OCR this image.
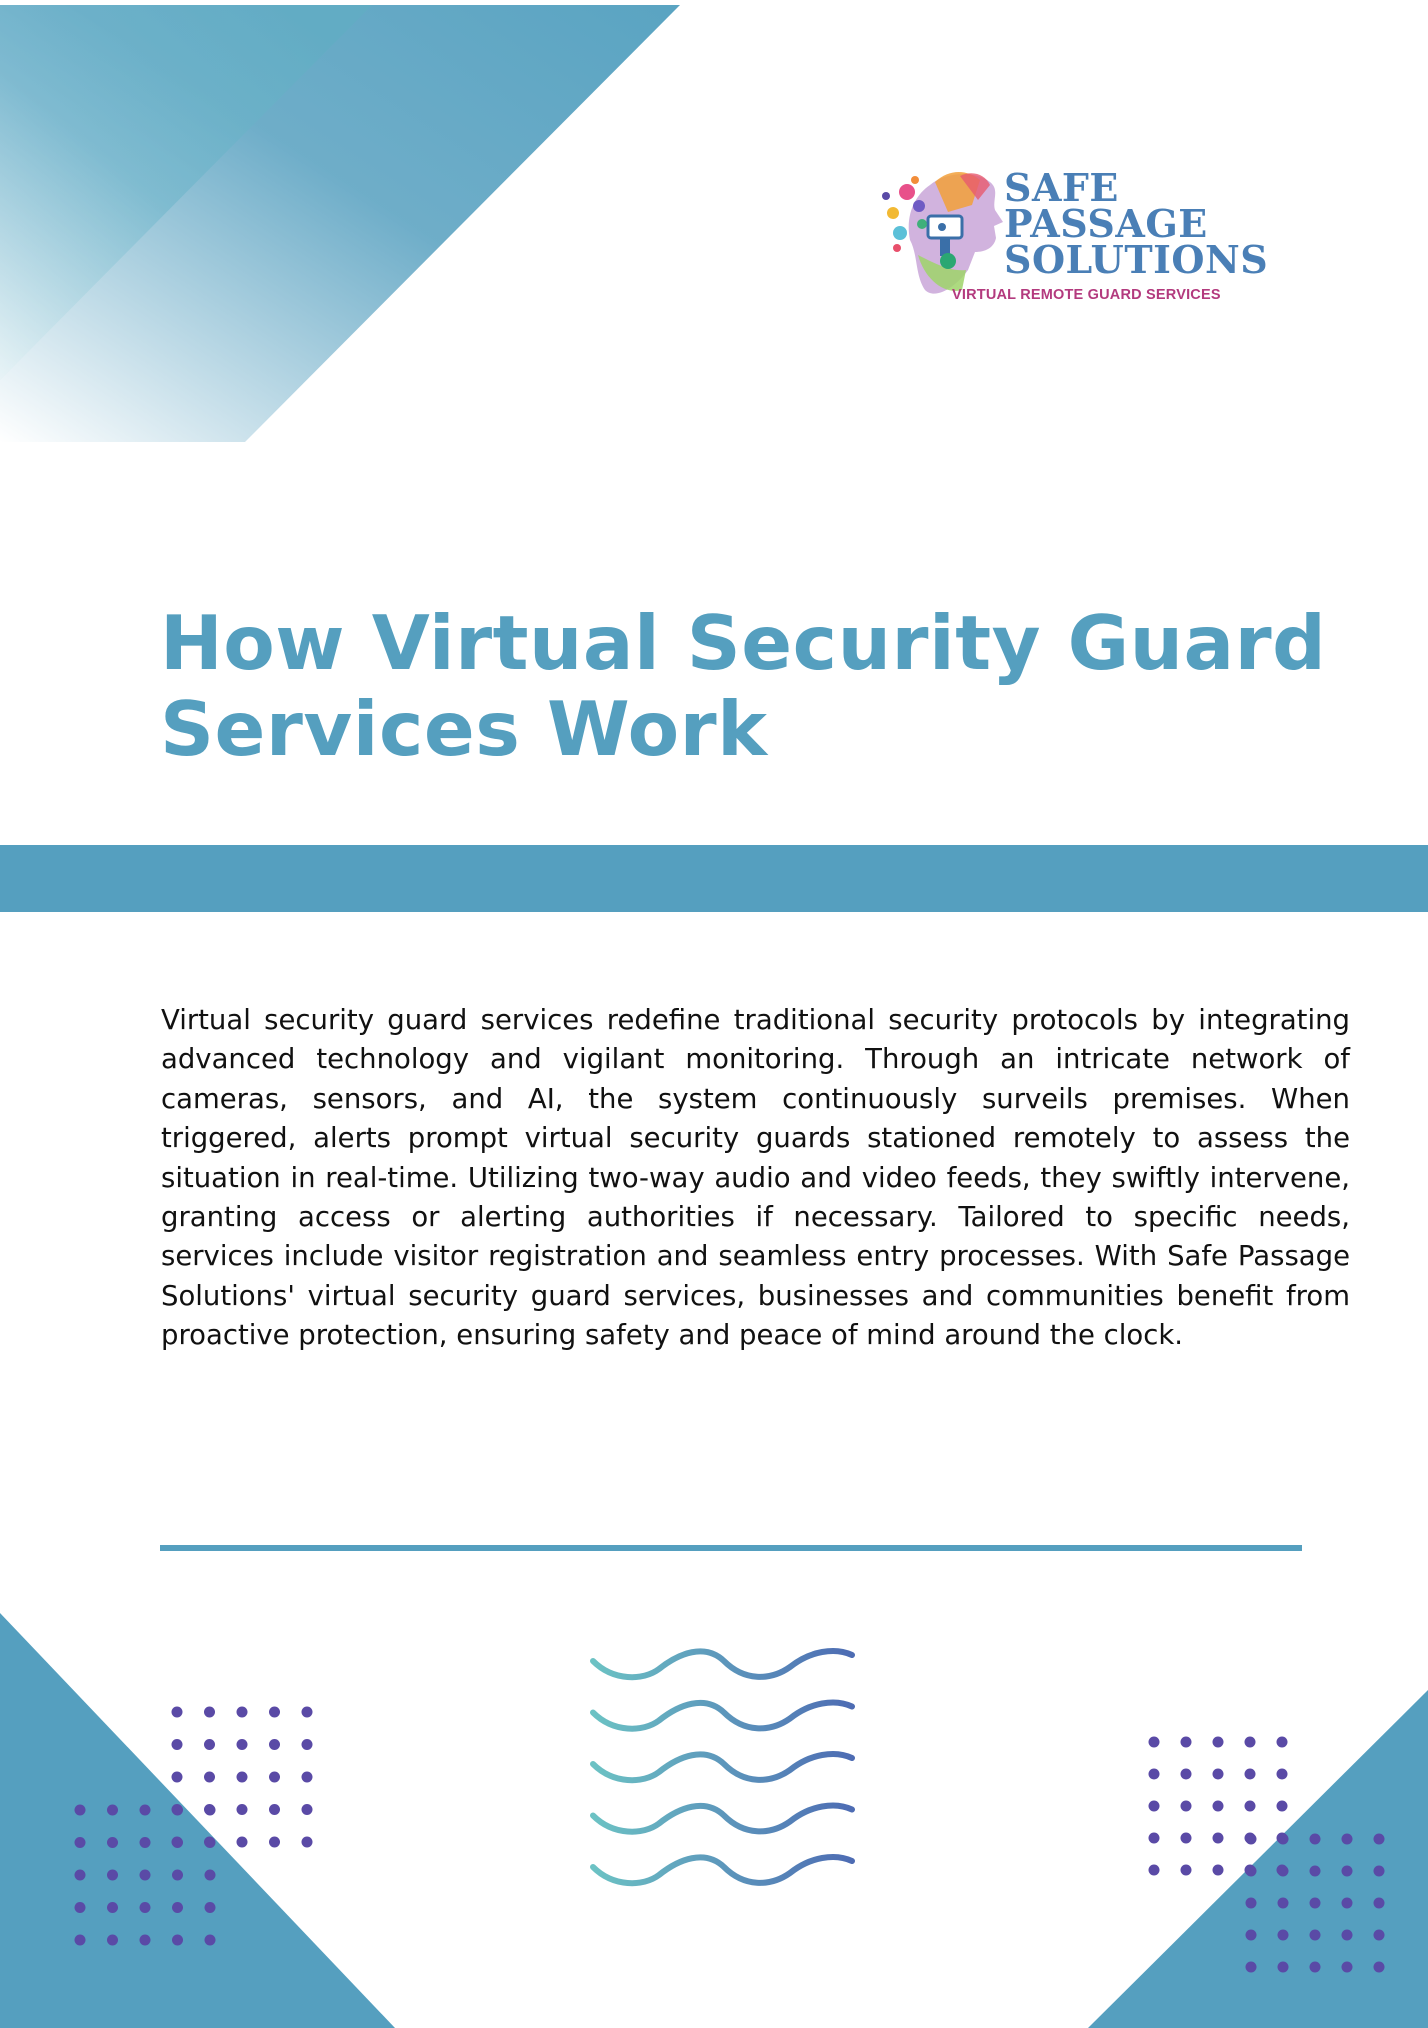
SAFE
PASSAGE
SOLUTIONS
VIRTUAL REMOTE GUARD SERVICES
How Virtual Security Guard
Services Work

Virtual security guard services redefine traditional security protocols by integrating advanced technology and vigilant monitoring. Through an intricate network of cameras, sensors, and AI, the system continuously surveils premises. When triggered, alerts prompt virtual security guards stationed remotely to assess the situation in real-time. Utilizing two-way audio and video feeds, they swiftly intervene, granting access or alerting authorities if necessary. Tailored to specific needs, services include visitor registration and seamless entry processes. With Safe Passage Solutions' virtual security guard services, businesses and communities benefit from proactive protection, ensuring safety and peace of mind around the clock.
